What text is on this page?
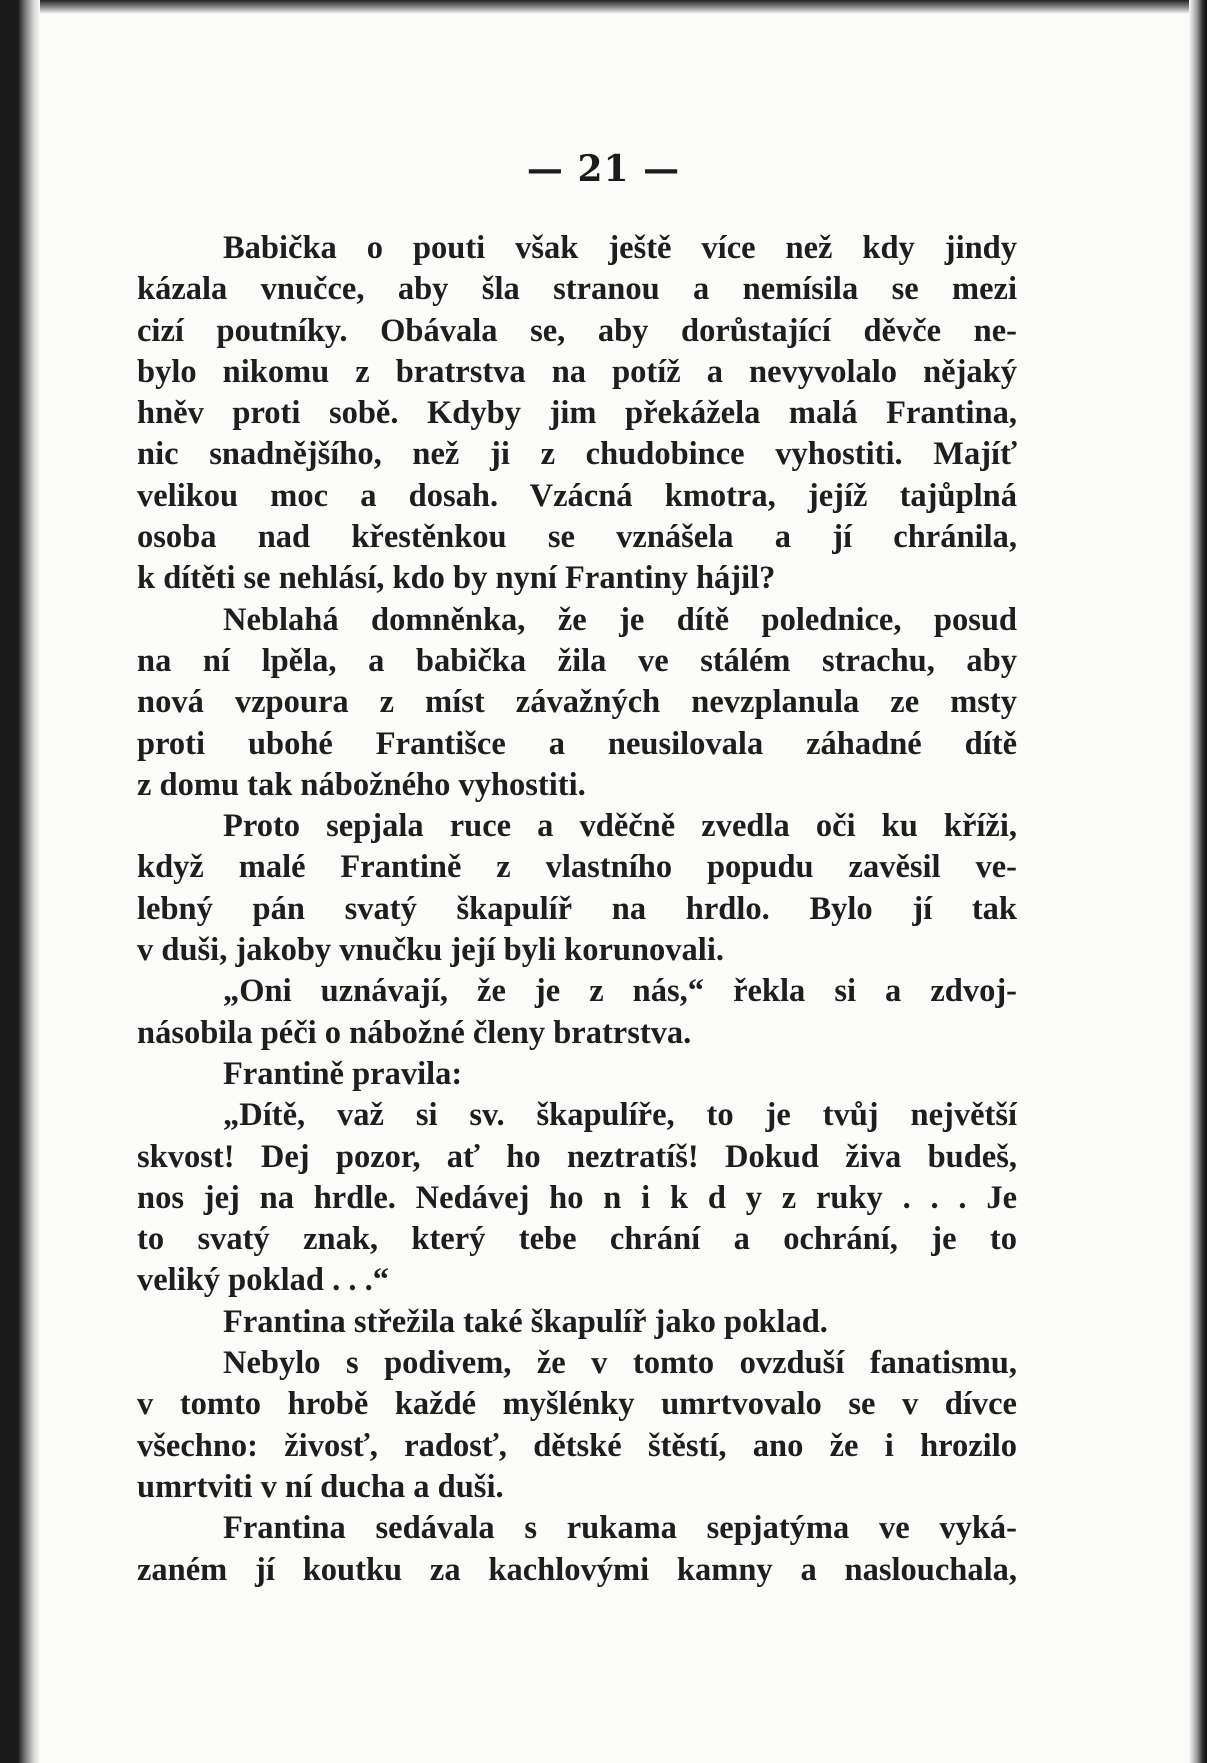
— 21 —
Babička o pouti však ještě více než kdy jindy
kázala vnučce, aby šla stranou a nemísila se mezi
cizí poutníky. Obávala se, aby dorůstající děvče ne-
bylo nikomu z bratrstva na potíž a nevyvolalo nějaký
hněv proti sobě. Kdyby jim překážela malá Frantina,
nic snadnějšího, než ji z chudobince vyhostiti. Majíť
velikou moc a dosah. Vzácná kmotra, jejíž tajůplná
osoba nad křestěnkou se vznášela a jí chránila,
k dítěti se nehlásí, kdo by nyní Frantiny hájil?
Neblahá domněnka, že je dítě polednice, posud
na ní lpěla, a babička žila ve stálém strachu, aby
nová vzpoura z míst závažných nevzplanula ze msty
proti ubohé Františce a neusilovala záhadné dítě
z domu tak nábožného vyhostiti.
Proto sepjala ruce a vděčně zvedla oči ku kříži,
když malé Frantině z vlastního popudu zavěsil ve-
lebný pán svatý škapulíř na hrdlo. Bylo jí tak
v duši, jakoby vnučku její byli korunovali.
„Oni uznávají, že je z nás,“ řekla si a zdvoj-
násobila péči o nábožné členy bratrstva.
Frantině pravila:
„Dítě, važ si sv. škapulíře, to je tvůj největší
skvost! Dej pozor, ať ho neztratíš! Dokud živa budeš,
nos jej na hrdle. Nedávej ho n i k d y z ruky . . . Je
to svatý znak, který tebe chrání a ochrání, je to
veliký poklad . . .“
Frantina střežila také škapulíř jako poklad.
Nebylo s podivem, že v tomto ovzduší fanatismu,
v tomto hrobě každé myšlénky umrtvovalo se v dívce
všechno: živosť, radosť, dětské štěstí, ano že i hrozilo
umrtviti v ní ducha a duši.
Frantina sedávala s rukama sepjatýma ve vyká-
zaném jí koutku za kachlovými kamny a naslouchala,
